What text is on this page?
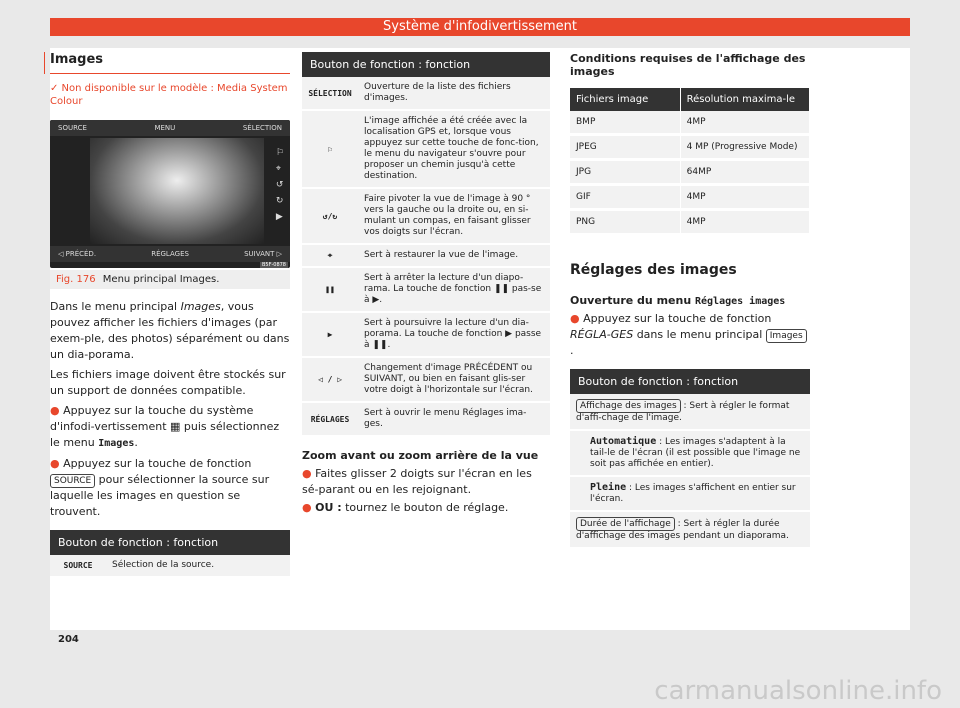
Système d'infodivertissement
Images
✓ Non disponible sur le modèle : Media System Colour
SOURCE	MENU	SÉLECTION
⚐
⌖
↺
↻
▶
◁ PRÉCÉD.	RÉGLAGES	SUIVANT ▷
B5F-0878
Fig. 176 Menu principal Images.

Dans le menu principal Images, vous pouvez afficher les fichiers d'images (par exem-ple, des photos) séparément ou dans un dia-porama.

Les fichiers image doivent être stockés sur un support de données compatible.

● Appuyez sur la touche du système d'infodi-vertissement ▦ puis sélectionnez le menu Images.

● Appuyez sur la touche de fonction SOURCE pour sélectionner la source sur laquelle les images en question se trouvent.

Bouton de fonction : fonction
SOURCE	Sélection de la source.
Bouton de fonction : fonction
SÉLECTION	Ouverture de la liste des fichiers d'images.
⚐	L'image affichée a été créée avec la localisation GPS et, lorsque vous appuyez sur cette touche de fonc-tion, le menu du navigateur s'ouvre pour proposer un chemin jusqu'à cette destination.
↺/↻	Faire pivoter la vue de l'image à 90 ° vers la gauche ou la droite ou, en si-mulant un compas, en faisant glisser vos doigts sur l'écran.
⌖	Sert à restaurer la vue de l'image.
❚❚	Sert à arrêter la lecture d'un diapo-rama. La touche de fonction ❚❚ pas-se à ▶.
▶	Sert à poursuivre la lecture d'un dia-porama. La touche de fonction ▶ passe à ❚❚.
◁ / ▷	Changement d'image PRÉCÉDENT ou SUIVANT, ou bien en faisant glis-ser votre doigt à l'horizontale sur l'écran.
RÉGLAGES	Sert à ouvrir le menu Réglages ima-ges.
Zoom avant ou zoom arrière de la vue

● Faites glisser 2 doigts sur l'écran en les sé-parant ou en les rejoignant.

● OU : tournez le bouton de réglage.

Conditions requises de l'affichage des images
Fichiers image	Résolution maxima-le
BMP	4MP
JPEG	4 MP (Progressive Mode)
JPG	64MP
GIF	4MP
PNG	4MP
Réglages des images
Ouverture du menu Réglages images

● Appuyez sur la touche de fonction RÉGLA-GES dans le menu principal Images.

Bouton de fonction : fonction
Affichage des images : Sert à régler le format d'affi-chage de l'image.
Automatique : Les images s'adaptent à la tail-le de l'écran (il est possible que l'image ne soit pas affichée en entier).
Pleine : Les images s'affichent en entier sur l'écran.
Durée de l'affichage : Sert à régler la durée d'affichage des images pendant un diaporama.
204
carmanualsonline.info
